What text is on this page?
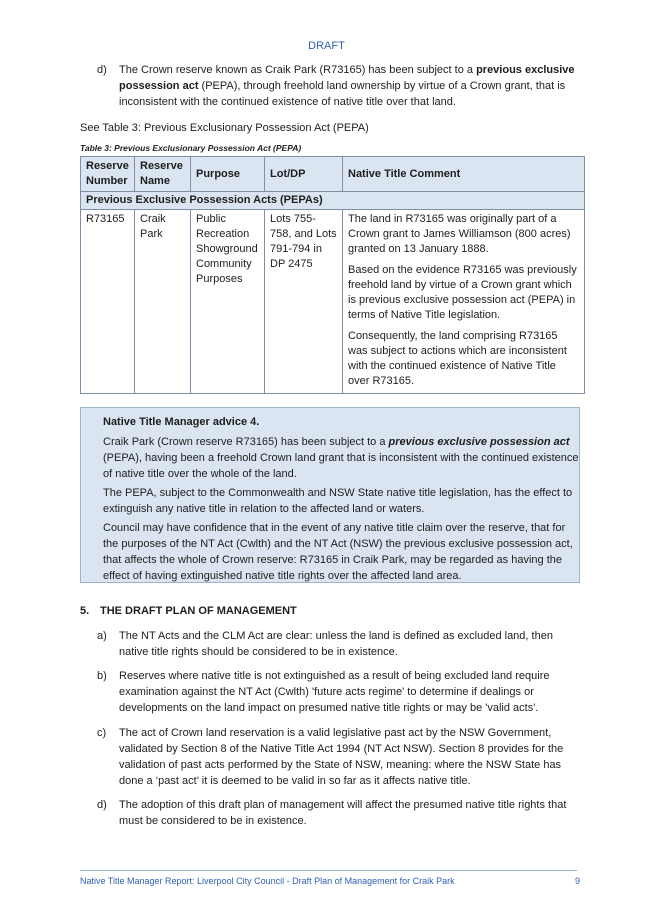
DRAFT
d) The Crown reserve known as Craik Park (R73165) has been subject to a previous exclusive possession act (PEPA), through freehold land ownership by virtue of a Crown grant, that is inconsistent with the continued existence of native title over that land.
See Table 3: Previous Exclusionary Possession Act (PEPA)
Table 3: Previous Exclusionary Possession Act (PEPA)
Reserve Number	Reserve Name	Purpose	Lot/DP	Native Title Comment
Previous Exclusive Possession Acts (PEPAs)				
R73165	Craik Park	Public Recreation Showground Community Purposes	Lots 755-758, and Lots 791-794 in DP 2475	The land in R73165 was originally part of a Crown grant to James Williamson (800 acres) granted on 13 January 1888.

Based on the evidence R73165 was previously freehold land by virtue of a Crown grant which is previous exclusive possession act (PEPA) in terms of Native Title legislation.

Consequently, the land comprising R73165 was subject to actions which are inconsistent with the continued existence of Native Title over R73165.

Native Title Manager advice 4.

Craik Park (Crown reserve R73165) has been subject to a previous exclusive possession act (PEPA), having been a freehold Crown land grant that is inconsistent with the continued existence of native title over the whole of the land.

The PEPA, subject to the Commonwealth and NSW State native title legislation, has the effect to extinguish any native title in relation to the affected land or waters.

Council may have confidence that in the event of any native title claim over the reserve, that for the purposes of the NT Act (Cwlth) and the NT Act (NSW) the previous exclusive possession act, that affects the whole of Crown reserve: R73165 in Craik Park, may be regarded as having the effect of having extinguished native title rights over the affected land area.

5. THE DRAFT PLAN OF MANAGEMENT
a) The NT Acts and the CLM Act are clear: unless the land is defined as excluded land, then native title rights should be considered to be in existence.
b) Reserves where native title is not extinguished as a result of being excluded land require examination against the NT Act (Cwlth) 'future acts regime' to determine if dealings or developments on the land impact on presumed native title rights or may be 'valid acts'.
c) The act of Crown land reservation is a valid legislative past act by the NSW Government, validated by Section 8 of the Native Title Act 1994 (NT Act NSW). Section 8 provides for the validation of past acts performed by the State of NSW, meaning: where the NSW State has done a ‘past act’ it is deemed to be valid in so far as it affects native title.
d) The adoption of this draft plan of management will affect the presumed native title rights that must be considered to be in existence.
Native Title Manager Report: Liverpool City Council - Draft Plan of Management for Craik Park	9
